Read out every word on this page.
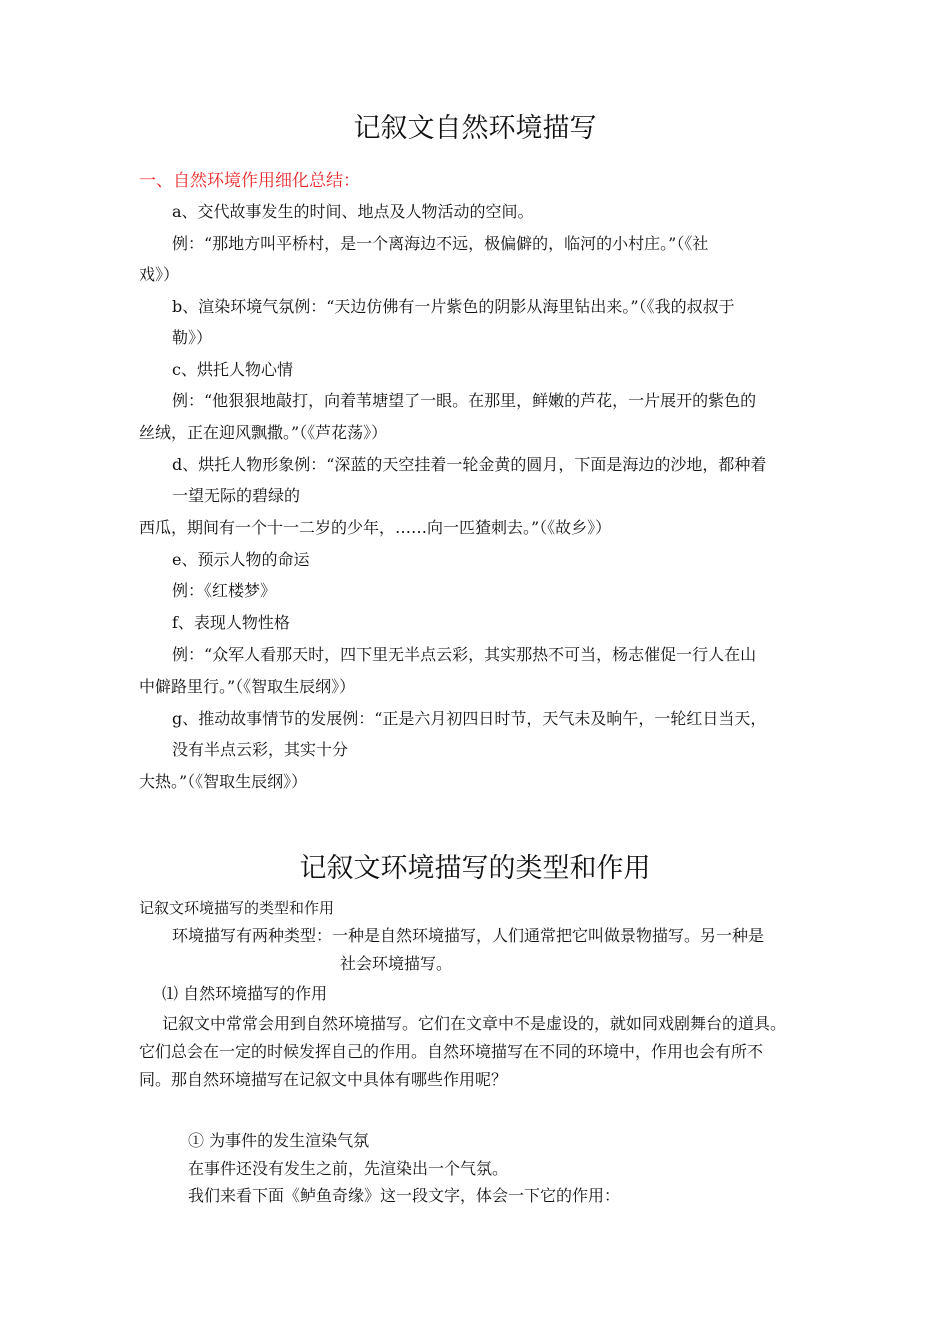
记叙文自然环境描写
一、自然环境作用细化总结：
a、交代故事发生的时间、地点及人物活动的空间。
例：“那地方叫平桥村，是一个离海边不远，极偏僻的，临河的小村庄。”（《社
戏》）
b、渲染环境气氛例：“天边仿佛有一片紫色的阴影从海里钻出来。”（《我的叔叔于
勒》）
c、烘托人物心情
例：“他狠狠地敲打，向着苇塘望了一眼。在那里，鲜嫩的芦花，一片展开的紫色的
丝绒，正在迎风飘撒。”（《芦花荡》）
d、烘托人物形象例：“深蓝的天空挂着一轮金黄的圆月，下面是海边的沙地，都种着
一望无际的碧绿的
西瓜，期间有一个十一二岁的少年，……向一匹猹刺去。”（《故乡》）
e、预示人物的命运
例：《红楼梦》
f、表现人物性格
例：“众军人看那天时，四下里无半点云彩，其实那热不可当，杨志催促一行人在山
中僻路里行。”（《智取生辰纲》）
g、推动故事情节的发展例：“正是六月初四日时节，天气未及晌午，一轮红日当天，
没有半点云彩，其实十分
大热。”（《智取生辰纲》）
记叙文环境描写的类型和作用
记叙文环境描写的类型和作用
环境描写有两种类型：一种是自然环境描写，人们通常把它叫做景物描写。另一种是
社会环境描写。
⑴ 自然环境描写的作用
记叙文中常常会用到自然环境描写。它们在文章中不是虚设的，就如同戏剧舞台的道具。
它们总会在一定的时候发挥自己的作用。自然环境描写在不同的环境中，作用也会有所不
同。那自然环境描写在记叙文中具体有哪些作用呢？
① 为事件的发生渲染气氛
在事件还没有发生之前，先渲染出一个气氛。
我们来看下面《鲈鱼奇缘》这一段文字，体会一下它的作用：
